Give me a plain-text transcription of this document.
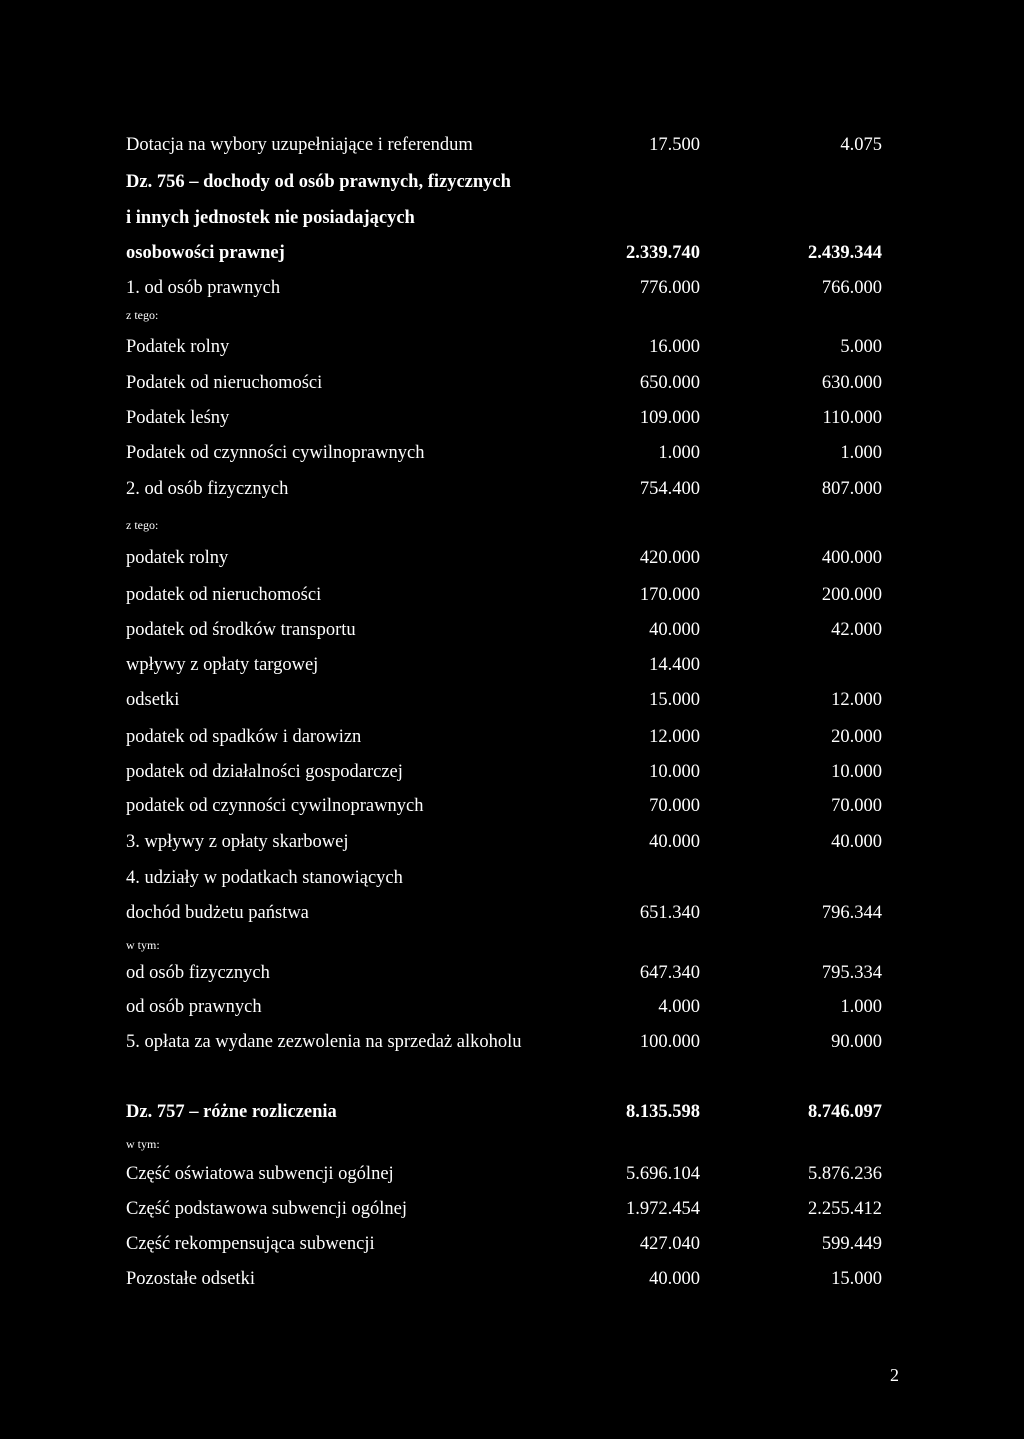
Dotacja na wybory uzupełniające i referendum	17.500	4.075
Dz. 756 – dochody od osób prawnych, fizycznych
i innych jednostek nie posiadających
osobowości prawnej	2.339.740	2.439.344
1. od osób prawnych	776.000	766.000
z tego:
Podatek rolny	16.000	5.000
Podatek od nieruchomości	650.000	630.000
Podatek leśny	109.000	110.000
Podatek od czynności cywilnoprawnych	1.000	1.000
2. od osób fizycznych	754.400	807.000
z tego:
podatek rolny	420.000	400.000
podatek od nieruchomości	170.000	200.000
podatek od środków transportu	40.000	42.000
wpływy z opłaty targowej	14.400
odsetki	15.000	12.000
podatek od spadków i darowizn	12.000	20.000
podatek od działalności gospodarczej	10.000	10.000
podatek od czynności cywilnoprawnych	70.000	70.000
3. wpływy z opłaty skarbowej	40.000	40.000
4. udziały w podatkach stanowiących
dochód budżetu państwa	651.340	796.344
w tym:
od osób fizycznych	647.340	795.334
od osób prawnych	4.000	1.000
5. opłata za wydane zezwolenia na sprzedaż alkoholu	100.000	90.000
Dz. 757 – różne rozliczenia	8.135.598	8.746.097
w tym:
Część oświatowa subwencji ogólnej	5.696.104	5.876.236
Część podstawowa subwencji ogólnej	1.972.454	2.255.412
Część rekompensująca subwencji	427.040	599.449
Pozostałe odsetki	40.000	15.000
2
